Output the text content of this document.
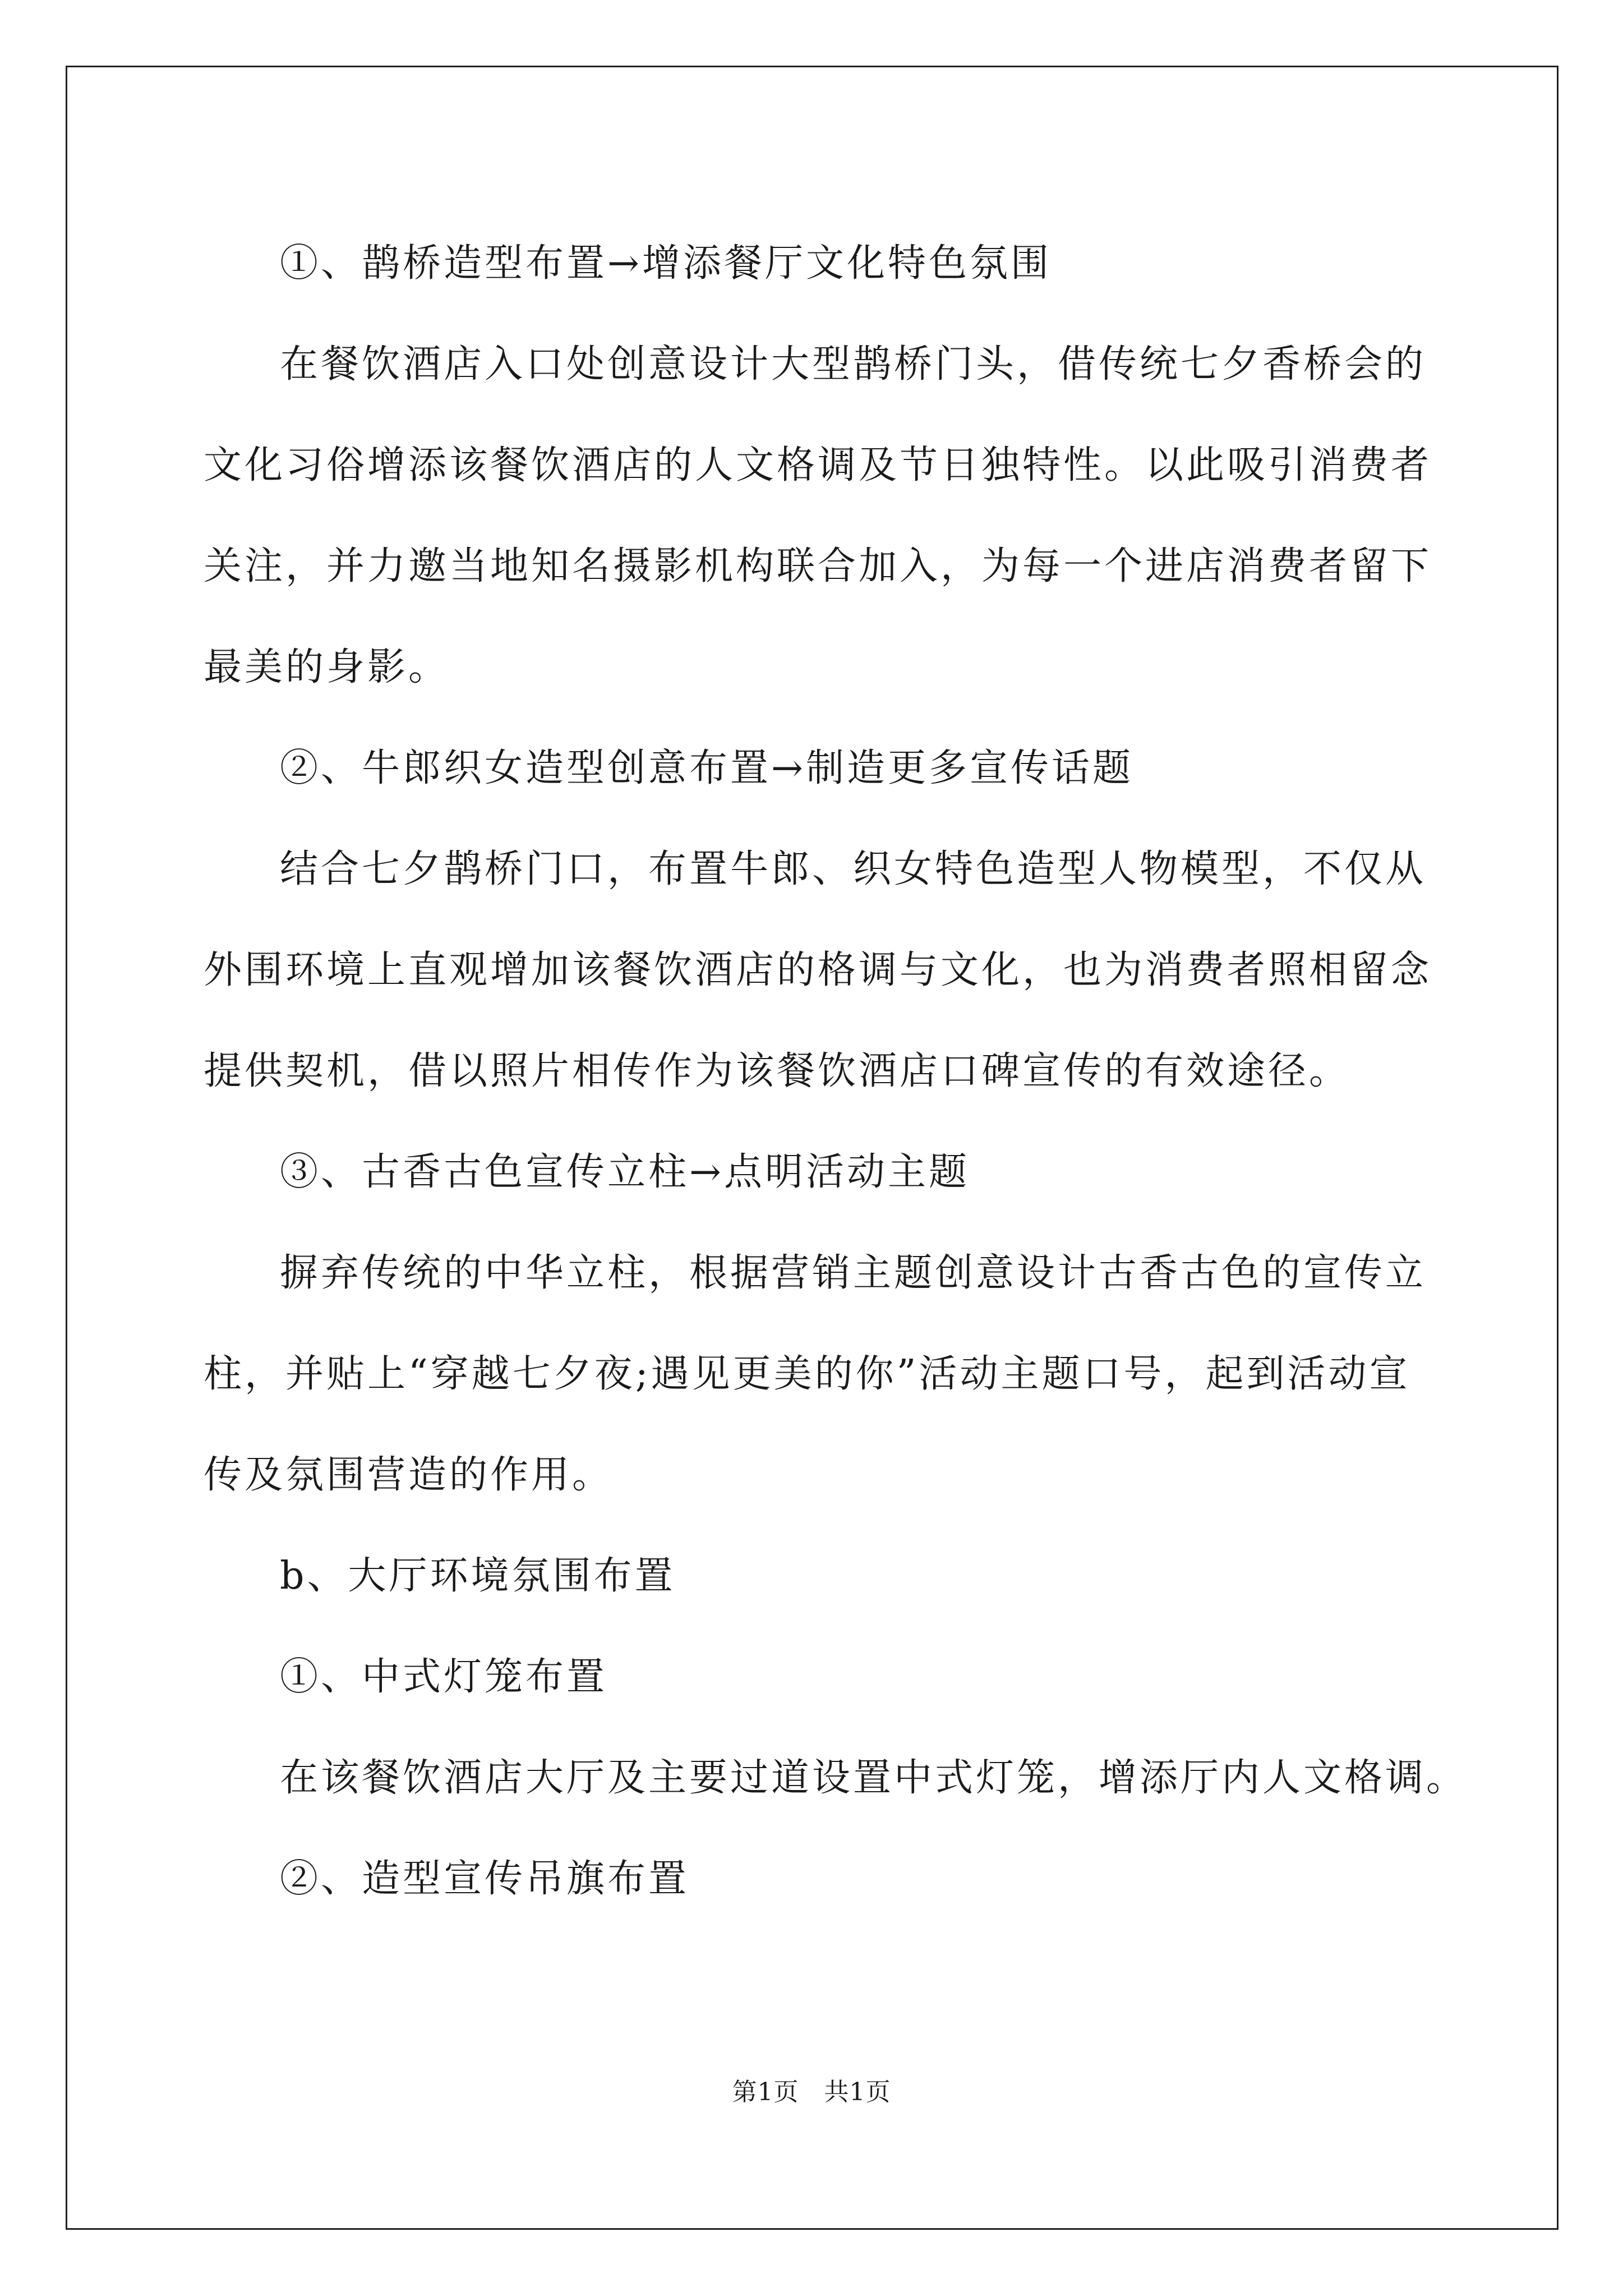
①、鹊桥造型布置→增添餐厅文化特色氛围

在餐饮酒店入口处创意设计大型鹊桥门头，借传统七夕香桥会的

文化习俗增添该餐饮酒店的人文格调及节日独特性。以此吸引消费者

关注，并力邀当地知名摄影机构联合加入，为每一个进店消费者留下

最美的身影。

②、牛郎织女造型创意布置→制造更多宣传话题

结合七夕鹊桥门口，布置牛郎、织女特色造型人物模型，不仅从

外围环境上直观增加该餐饮酒店的格调与文化，也为消费者照相留念

提供契机，借以照片相传作为该餐饮酒店口碑宣传的有效途径。

③、古香古色宣传立柱→点明活动主题

摒弃传统的中华立柱，根据营销主题创意设计古香古色的宣传立

柱，并贴上“穿越七夕夜;遇见更美的你”活动主题口号，起到活动宣

传及氛围营造的作用。

b、大厅环境氛围布置

①、中式灯笼布置

在该餐饮酒店大厅及主要过道设置中式灯笼，增添厅内人文格调。

②、造型宣传吊旗布置

第1页　共1页
